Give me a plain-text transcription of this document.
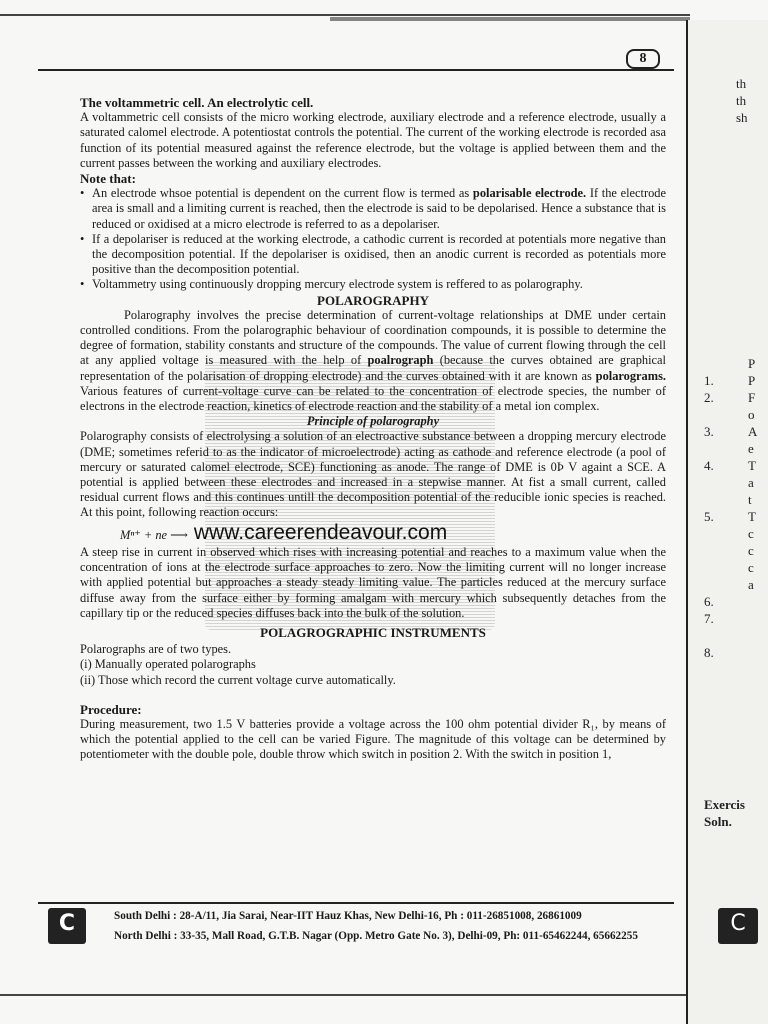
8

The voltammetric cell. An electrolytic cell.

A voltammetric cell consists of the micro working electrode, auxiliary electrode and a reference electrode, usually a saturated calomel electrode. A potentiostat controls the potential. The current of the working electrode is recorded asa function of its potential measured against the reference electrode, but the voltage is applied between them and the current passes between the working and auxiliary electrodes.

Note that:

• An electrode whsoe potential is dependent on the current flow is termed as polarisable electrode. If the electrode area is small and a limiting current is reached, then the electrode is said to be depolarised. Hence a substance that is reduced or oxidised at a micro electrode is referred to as a depolariser.
• If a depolariser is reduced at the working electrode, a cathodic current is recorded at potentials more negative than the decomposition potential. If the depolariser is oxidised, then an anodic current is recorded as potentials more positive than the decomposition potential.
• Voltammetry using continuously dropping mercury electrode system is reffered to as polarography.

POLAROGRAPHY

Polarography involves the precise determination of current-voltage relationships at DME under certain controlled conditions. From the polarographic behaviour of coordination compounds, it is possible to determine the degree of formation, stability constants and structure of the compounds. The value of current flowing through the cell at any applied voltage is measured with the help of poalrograph (because the curves obtained are graphical representation of the polarisation of dropping electrode) and the curves obtained with it are known as polarograms. Various features of current-voltage curve can be related to the concentration of electrode species, the number of electrons in the electrode reaction, kinetics of electrode reaction and the stability of a metal ion complex.

Principle of polarography

Polarography consists of electrolysing a solution of an electroactive substance between a dropping mercury electrode (DME; sometimes referid to as the indicator of microelectrode) acting as cathode and reference electrode (a pool of mercury or saturated calomel electrode, SCE) functioning as anode. The range of DME is 0Þ V againt a SCE. A potential is applied between these electrodes and increased in a stepwise manner. At fist a small current, called residual current flows and this continues untill the decomposition potential of the reducible ionic species is reached. At this point, following reaction occurs:

Mⁿ⁺ + ne ⟶ www.careerendeavour.com

A steep rise in current in observed which rises with increasing potential and reaches to a maximum value when the concentration of ions at the electrode surface approaches to zero. Now the limiting current will no longer increase with applied potential but approaches a steady steady limiting value. The particles reduced at the mercury surface diffuse away from the surface either by forming amalgam with mercury which subsequently detaches from the capillary tip or the reduced species diffuses back into the bulk of the solution.

POLAGROGRAPHIC INSTRUMENTS

Polarographs are of two types.

(i) Manually operated polarographs

(ii) Those which record the current voltage curve automatically.

Procedure:

During measurement, two 1.5 V batteries provide a voltage across the 100 ohm potential divider R₁, by means of which the potential applied to the cell can be varied Figure. The magnitude of this voltage can be determined by potentiometer with the double pole, double throw which switch in position 2. With the switch in position 1,

C	South Delhi : 28-A/11, Jia Sarai, Near-IIT Hauz Khas, New Delhi-16, Ph : 011-26851008, 26861009
North Delhi : 33-35, Mall Road, G.T.B. Nagar (Opp. Metro Gate No. 3), Delhi-09, Ph: 011-65462244, 65662255
th
th
sh
P
1.	P
2.	F
o
3.	A
e
4.	T
a
t
5.	T
c
c
c
a
6.
7.
8.
Exercis
Soln.
C
